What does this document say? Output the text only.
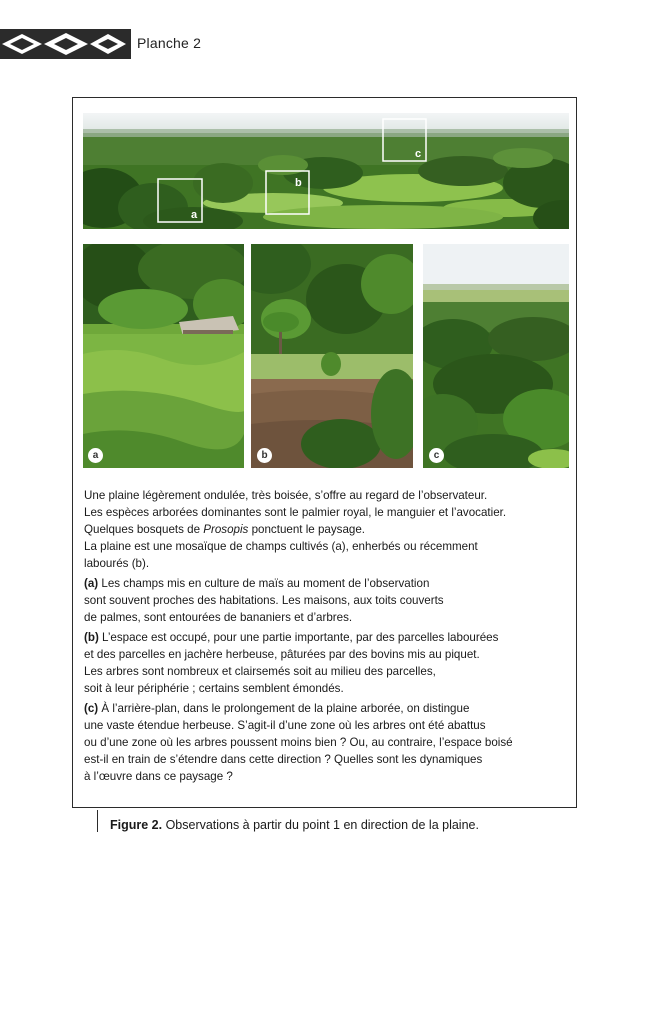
Planche 2
a
b
c
a	b	c

Une plaine légèrement ondulée, très boisée, s’offre au regard de l’observateur.
Les espèces arborées dominantes sont le palmier royal, le manguier et l’avocatier.
Quelques bosquets de Prosopis ponctuent le paysage.
La plaine est une mosaïque de champs cultivés (a), enherbés ou récemment
labourés (b).

(a) Les champs mis en culture de maïs au moment de l’observation
sont souvent proches des habitations. Les maisons, aux toits couverts
de palmes, sont entourées de bananiers et d’arbres.

(b) L’espace est occupé, pour une partie importante, par des parcelles labourées
et des parcelles en jachère herbeuse, pâturées par des bovins mis au piquet.
Les arbres sont nombreux et clairsemés soit au milieu des parcelles,
soit à leur périphérie ; certains semblent émondés.

(c) À l’arrière-plan, dans le prolongement de la plaine arborée, on distingue
une vaste étendue herbeuse. S’agit-il d’une zone où les arbres ont été abattus
ou d’une zone où les arbres poussent moins bien ? Ou, au contraire, l’espace boisé
est-il en train de s’étendre dans cette direction ? Quelles sont les dynamiques
à l’œuvre dans ce paysage ?

Figure 2. Observations à partir du point 1 en direction de la plaine.
